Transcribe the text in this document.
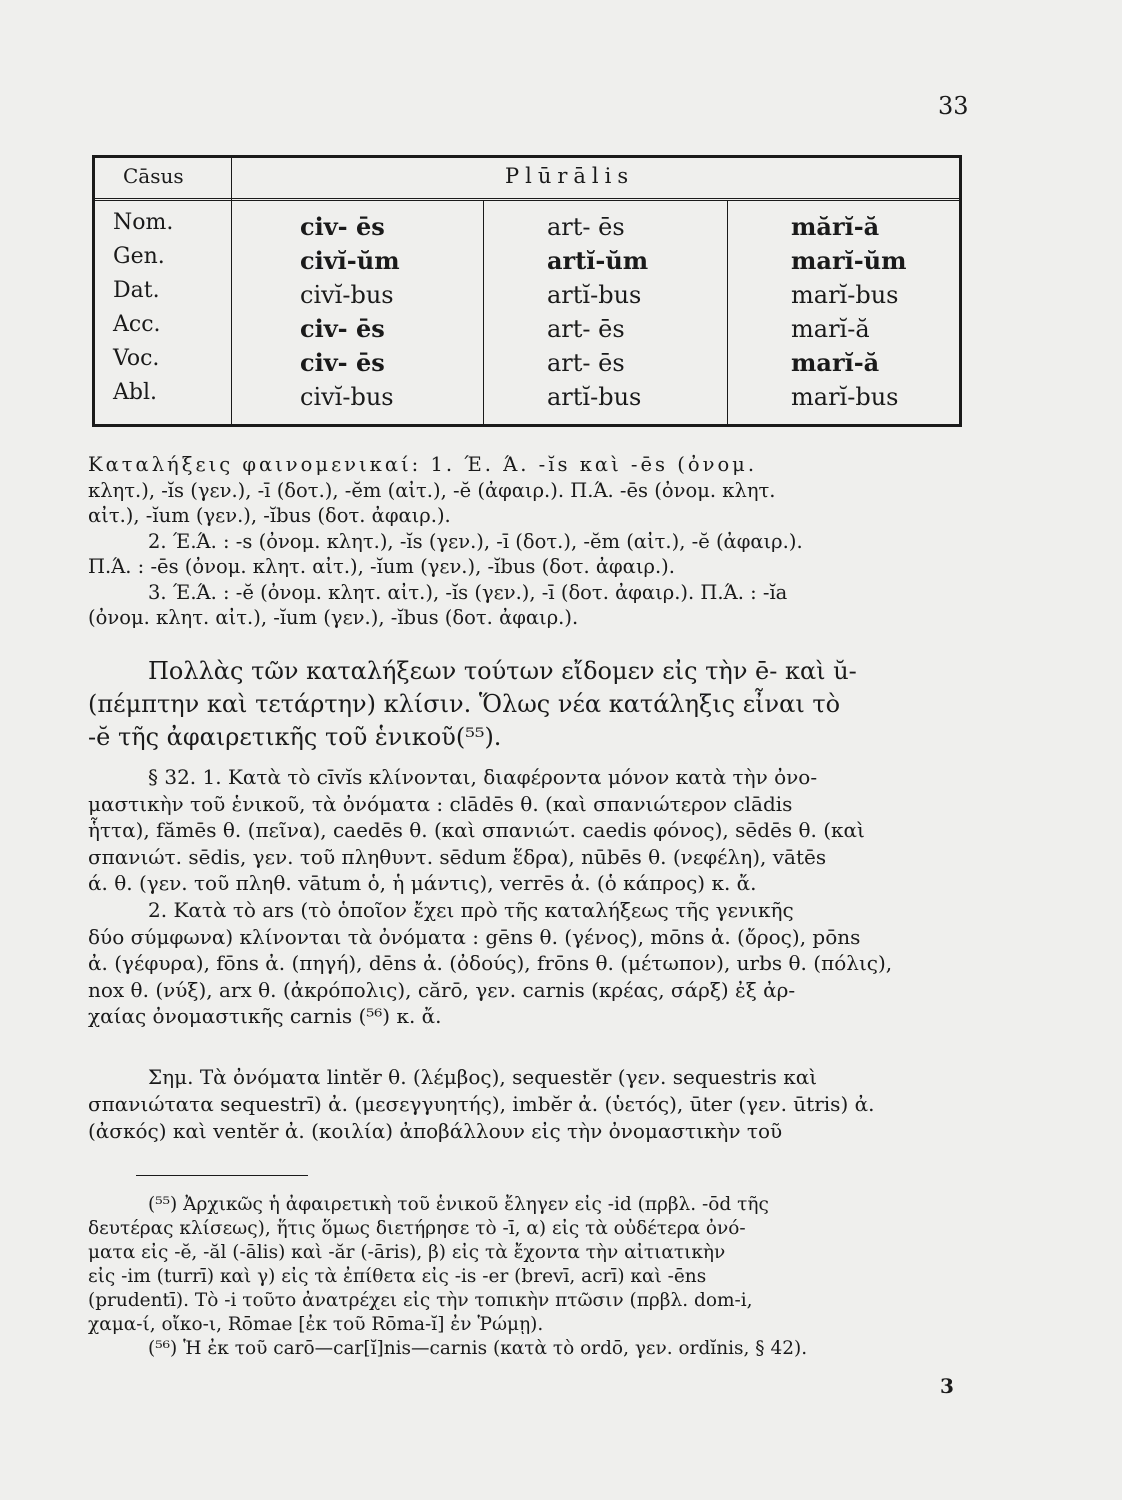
33
Cāsus	Plūrālis
Nom.
Gen.
Dat.
Acc.
Voc.
Abl.
civ- ēs
civĭ-ŭm
civĭ-bus
civ- ēs
civ- ēs
civĭ-bus
art- ēs
artĭ-ŭm
artĭ-bus
art- ēs
art- ēs
artĭ-bus
mărĭ-ă
marĭ-ŭm
marĭ-bus
marĭ-ă
marĭ-ă
marĭ-bus
Καταλήξεις φαινομενικαί: 1. Έ. Ά. -ĭs καὶ -ēs (ὀνομ.
κλητ.), -ĭs (γεν.), -ī (δοτ.), -ĕm (αἰτ.), -ĕ (ἀφαιρ.). Π.Ά. -ēs (ὀνομ. κλητ.
αἰτ.), -ĭum (γεν.), -ĭbus (δοτ. ἀφαιρ.).
2. Έ.Ά. : -s (ὀνομ. κλητ.), -ĭs (γεν.), -ī (δοτ.), -ĕm (αἰτ.), -ĕ (ἀφαιρ.).
Π.Ά. : -ēs (ὀνομ. κλητ. αἰτ.), -ĭum (γεν.), -ĭbus (δοτ. ἀφαιρ.).
3. Έ.Ά. : -ĕ (ὀνομ. κλητ. αἰτ.), -ĭs (γεν.), -ī (δοτ. ἀφαιρ.). Π.Ά. : -ĭa
(ὀνομ. κλητ. αἰτ.), -ĭum (γεν.), -ĭbus (δοτ. ἀφαιρ.).
Πολλὰς τῶν καταλήξεων τούτων εἴδομεν εἰς τὴν ē- καὶ ŭ-
(πέμπτην καὶ τετάρτην) κλίσιν. Ὅλως νέα κατάληξις εἶναι τὸ
-ĕ τῆς ἀφαιρετικῆς τοῦ ἑνικοῦ(⁵⁵).
§ 32. 1. Κατὰ τὸ cīvĭs κλίνονται, διαφέροντα μόνον κατὰ τὴν ὀνο-
μαστικὴν τοῦ ἑνικοῦ, τὰ ὀνόματα : clādēs θ. (καὶ σπανιώτερον clādis
ἧττα), fămēs θ. (πεῖνα), caedēs θ. (καὶ σπανιώτ. caedis φόνος), sēdēs θ. (καὶ
σπανιώτ. sēdis, γεν. τοῦ πληθυντ. sēdum ἕδρα), nūbēs θ. (νεφέλη), vātēs
ά. θ. (γεν. τοῦ πληθ. vātum ὁ, ἡ μάντις), verrēs ἀ. (ὁ κάπρος) κ. ἄ.
2. Κατὰ τὸ ars (τὸ ὁποῖον ἔχει πρὸ τῆς καταλήξεως τῆς γενικῆς
δύο σύμφωνα) κλίνονται τὰ ὀνόματα : gēns θ. (γένος), mōns ἀ. (ὄρος), pōns
ἀ. (γέφυρα), fōns ἀ. (πηγή), dēns ἀ. (ὀδούς), frōns θ. (μέτωπον), urbs θ. (πόλις),
nox θ. (νύξ), arx θ. (ἀκρόπολις), cărō, γεν. carnis (κρέας, σάρξ) ἐξ ἀρ-
χαίας ὀνομαστικῆς carnis (⁵⁶) κ. ἄ.
Σημ. Τὰ ὀνόματα lintĕr θ. (λέμβος), sequestĕr (γεν. sequestris καὶ
σπανιώτατα sequestrī) ἀ. (μεσεγγυητής), imbĕr ἀ. (ὑετός), ūter (γεν. ūtris) ἀ.
(ἀσκός) καὶ ventĕr ἀ. (κοιλία) ἀποβάλλουν εἰς τὴν ὀνομαστικὴν τοῦ
(⁵⁵) Ἀρχικῶς ἡ ἀφαιρετικὴ τοῦ ἑνικοῦ ἔληγεν εἰς -id (πρβλ. -ōd τῆς
δευτέρας κλίσεως), ἥτις ὅμως διετήρησε τὸ -ī, α) εἰς τὰ οὐδέτερα ὀνό-
ματα εἰς -ĕ, -ăl (-ālis) καὶ -ăr (-āris), β) εἰς τὰ ἔχοντα τὴν αἰτιατικὴν
εἰς -im (turrī) καὶ γ) εἰς τὰ ἐπίθετα εἰς -is -er (brevī, acrī) καὶ -ēns
(prudentī). Τὸ -i τοῦτο ἀνατρέχει εἰς τὴν τοπικὴν πτῶσιν (πρβλ. dom-i,
χαμα-ί, οἴκο-ι, Rōmae [ἐκ τοῦ Rōma-ĭ] ἐν Ῥώμῃ).
(⁵⁶) Ἡ ἐκ τοῦ carō—car[ĭ]nis—carnis (κατὰ τὸ ordō, γεν. ordĭnis, § 42).
3
